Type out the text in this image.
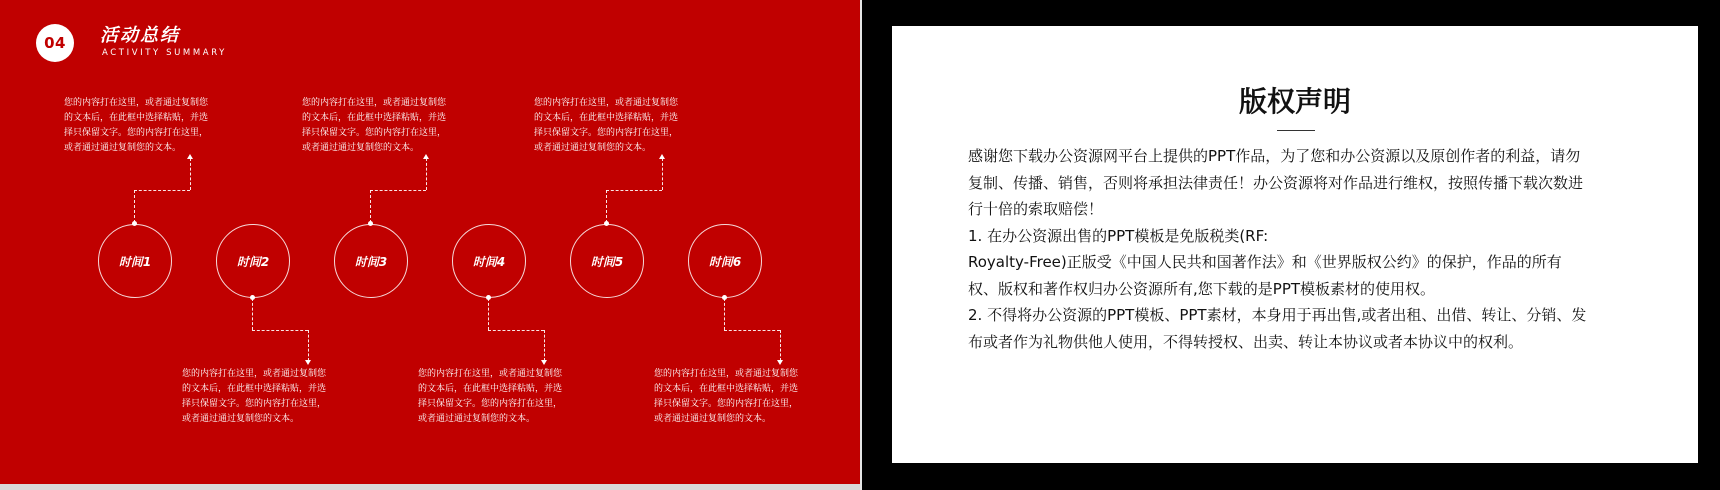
04	活动总结
ACTIVITY SUMMARY
时间1	时间2	时间3	时间4	时间5	时间6
您的内容打在这里，或者通过复制您
的文本后，在此框中选择粘贴，并选
择只保留文字。您的内容打在这里，
或者通过通过复制您的文本。
您的内容打在这里，或者通过复制您
的文本后，在此框中选择粘贴，并选
择只保留文字。您的内容打在这里，
或者通过通过复制您的文本。
您的内容打在这里，或者通过复制您
的文本后，在此框中选择粘贴，并选
择只保留文字。您的内容打在这里，
或者通过通过复制您的文本。
您的内容打在这里，或者通过复制您
的文本后，在此框中选择粘贴，并选
择只保留文字。您的内容打在这里，
或者通过通过复制您的文本。
您的内容打在这里，或者通过复制您
的文本后，在此框中选择粘贴，并选
择只保留文字。您的内容打在这里，
或者通过通过复制您的文本。
您的内容打在这里，或者通过复制您
的文本后，在此框中选择粘贴，并选
择只保留文字。您的内容打在这里，
或者通过通过复制您的文本。
版权声明

感谢您下载办公资源网平台上提供的PPT作品，为了您和办公资源以及原创作者的利益，请勿复制、传播、销售，否则将承担法律责任！办公资源将对作品进行维权，按照传播下载次数进行十倍的索取赔偿！

1. 在办公资源出售的PPT模板是免版税类(RF:

Royalty-Free)正版受《中国人民共和国著作法》和《世界版权公约》的保护，作品的所有权、版权和著作权归办公资源所有,您下载的是PPT模板素材的使用权。

2. 不得将办公资源的PPT模板、PPT素材，本身用于再出售,或者出租、出借、转让、分销、发布或者作为礼物供他人使用，不得转授权、出卖、转让本协议或者本协议中的权利。
